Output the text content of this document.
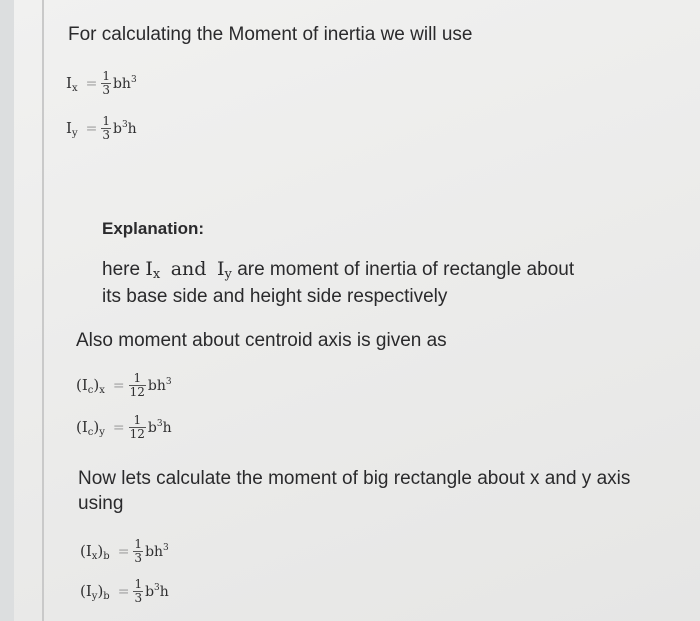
For calculating the Moment of inertia we will use
$I_x = \frac{1}{3} bh^3$
$I_y = \frac{1}{3} b^3h$
Explanation:
here $I_x$ and $I_y$ are moment of inertia of rectangle about
its base side and height side respectively
Also moment about centroid axis is given as
$(I_c)_x = \frac{1}{12} bh^3$
$(I_c)_y = \frac{1}{12} b^3h$
Now lets calculate the moment of big rectangle about x and y axis
using
$(I_x)_b = \frac{1}{3} bh^3$
$(I_y)_b = \frac{1}{3} b^3h$
